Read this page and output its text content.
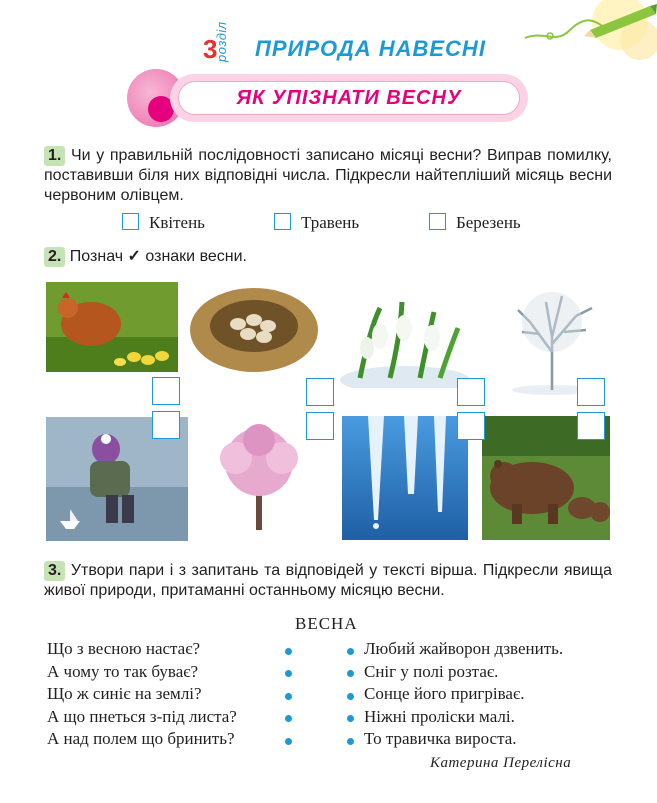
3
розділ ПРИРОДА НАВЕСНІ
ЯК УПІЗНАТИ ВЕСНУ
1. Чи у правильній послідовності записано місяці весни? Виправ помилку, поставивши біля них відповідні числа. Підкресли найтепліший місяць весни червоним олівцем.
Квітень	Травень	Березень
2. Познач ✓ ознаки весни.
3. Утвори пари і з запитань та відповідей у тексті вірша. Підкресли явища живої природи, притаманні останньому місяцю весни.
ВЕСНА
Що з весною настає?
А чому то так буває?
Що ж синіє на землі?
А що пнеться з-під листа?
А над полем що бринить?
Любий жайворон дзвенить.
Сніг у полі розтає.
Сонце його пригріває.
Ніжні проліски малі.
То травичка вироста.
Катерина Перелісна
